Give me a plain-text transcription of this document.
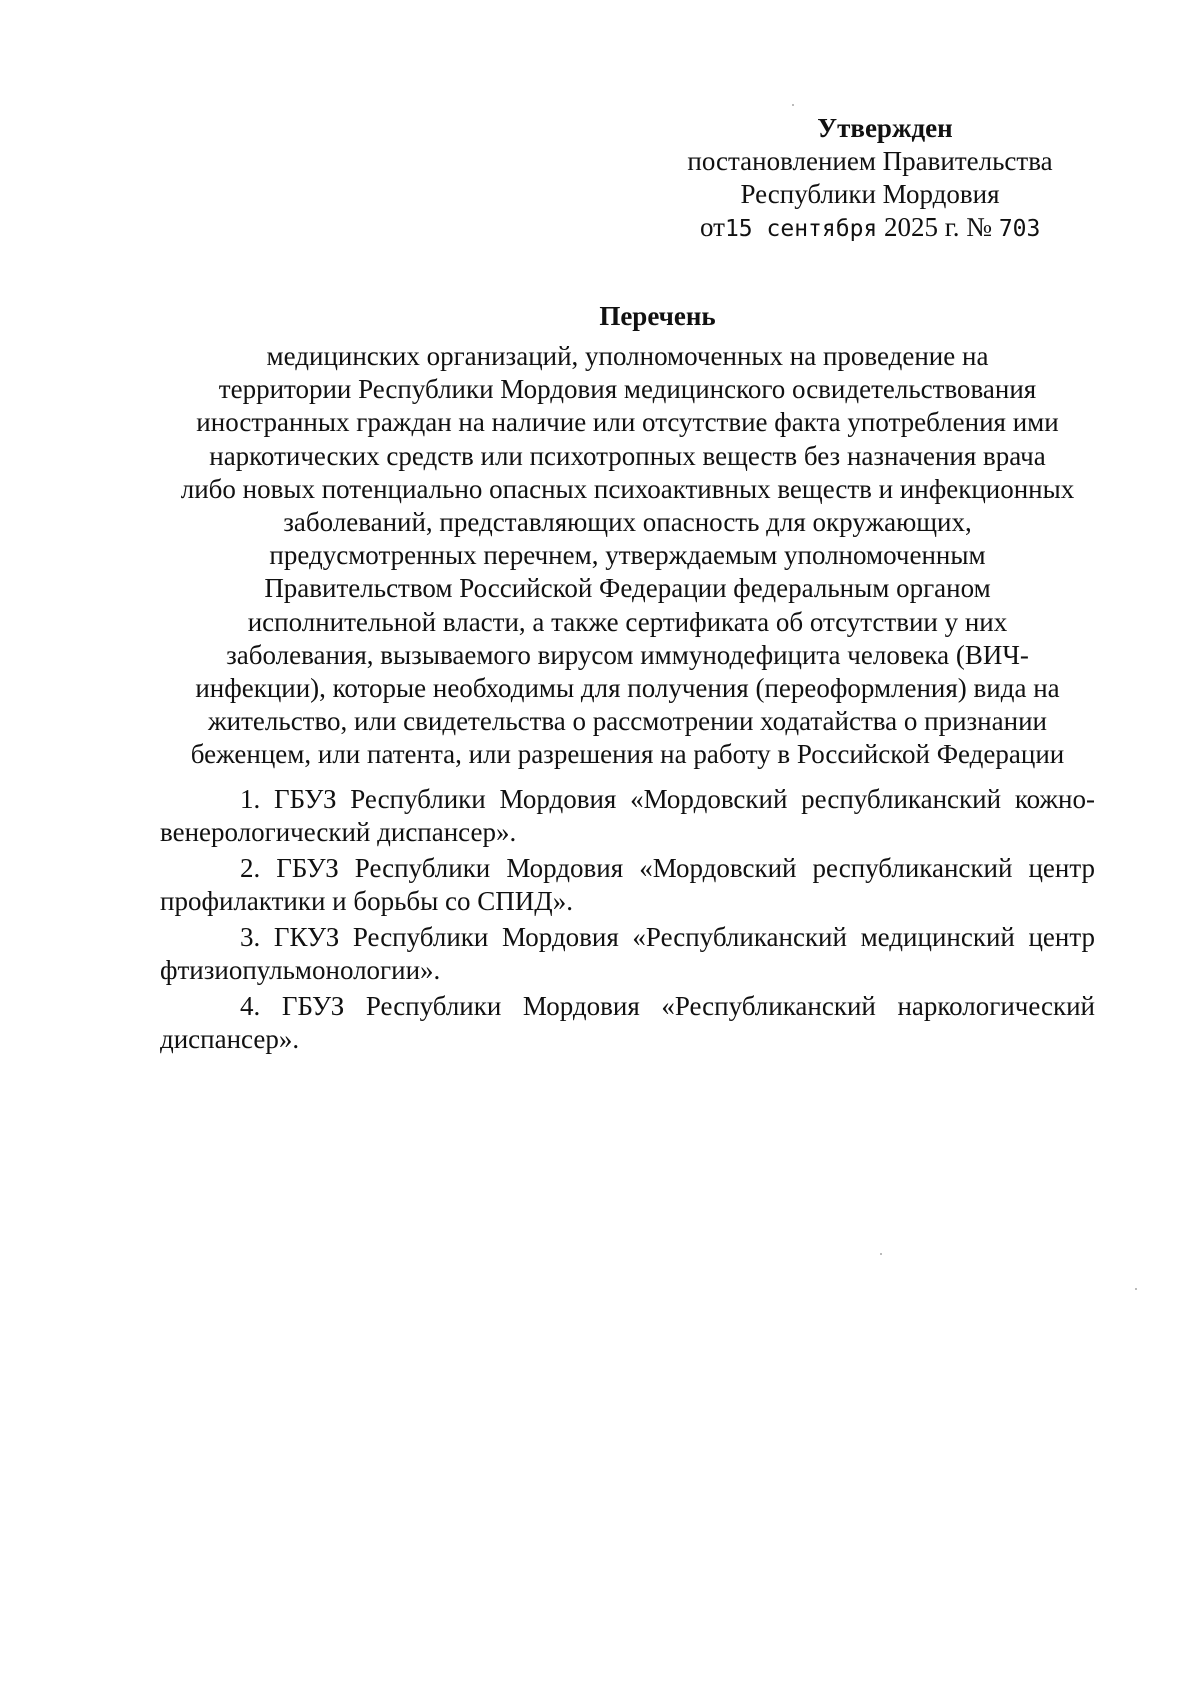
Утвержден
постановлением Правительства
Республики Мордовия
от15 сентября 2025 г. № 703
Перечень
медицинских организаций, уполномоченных на проведение на
территории Республики Мордовия медицинского освидетельствования
иностранных граждан на наличие или отсутствие факта употребления ими
наркотических средств или психотропных веществ без назначения врача
либо новых потенциально опасных психоактивных веществ и инфекционных
заболеваний, представляющих опасность для окружающих,
предусмотренных перечнем, утверждаемым уполномоченным
Правительством Российской Федерации федеральным органом
исполнительной власти, а также сертификата об отсутствии у них
заболевания, вызываемого вирусом иммунодефицита человека (ВИЧ-
инфекции), которые необходимы для получения (переоформления) вида на
жительство, или свидетельства о рассмотрении ходатайства о признании
беженцем, или патента, или разрешения на работу в Российской Федерации
1. ГБУЗ Республики Мордовия «Мордовский республиканский кожно-венерологический диспансер».
2. ГБУЗ Республики Мордовия «Мордовский республиканский центр профилактики и борьбы со СПИД».
3. ГКУЗ Республики Мордовия «Республиканский медицинский центр фтизиопульмонологии».
4. ГБУЗ Республики Мордовия «Республиканский наркологический диспансер».
